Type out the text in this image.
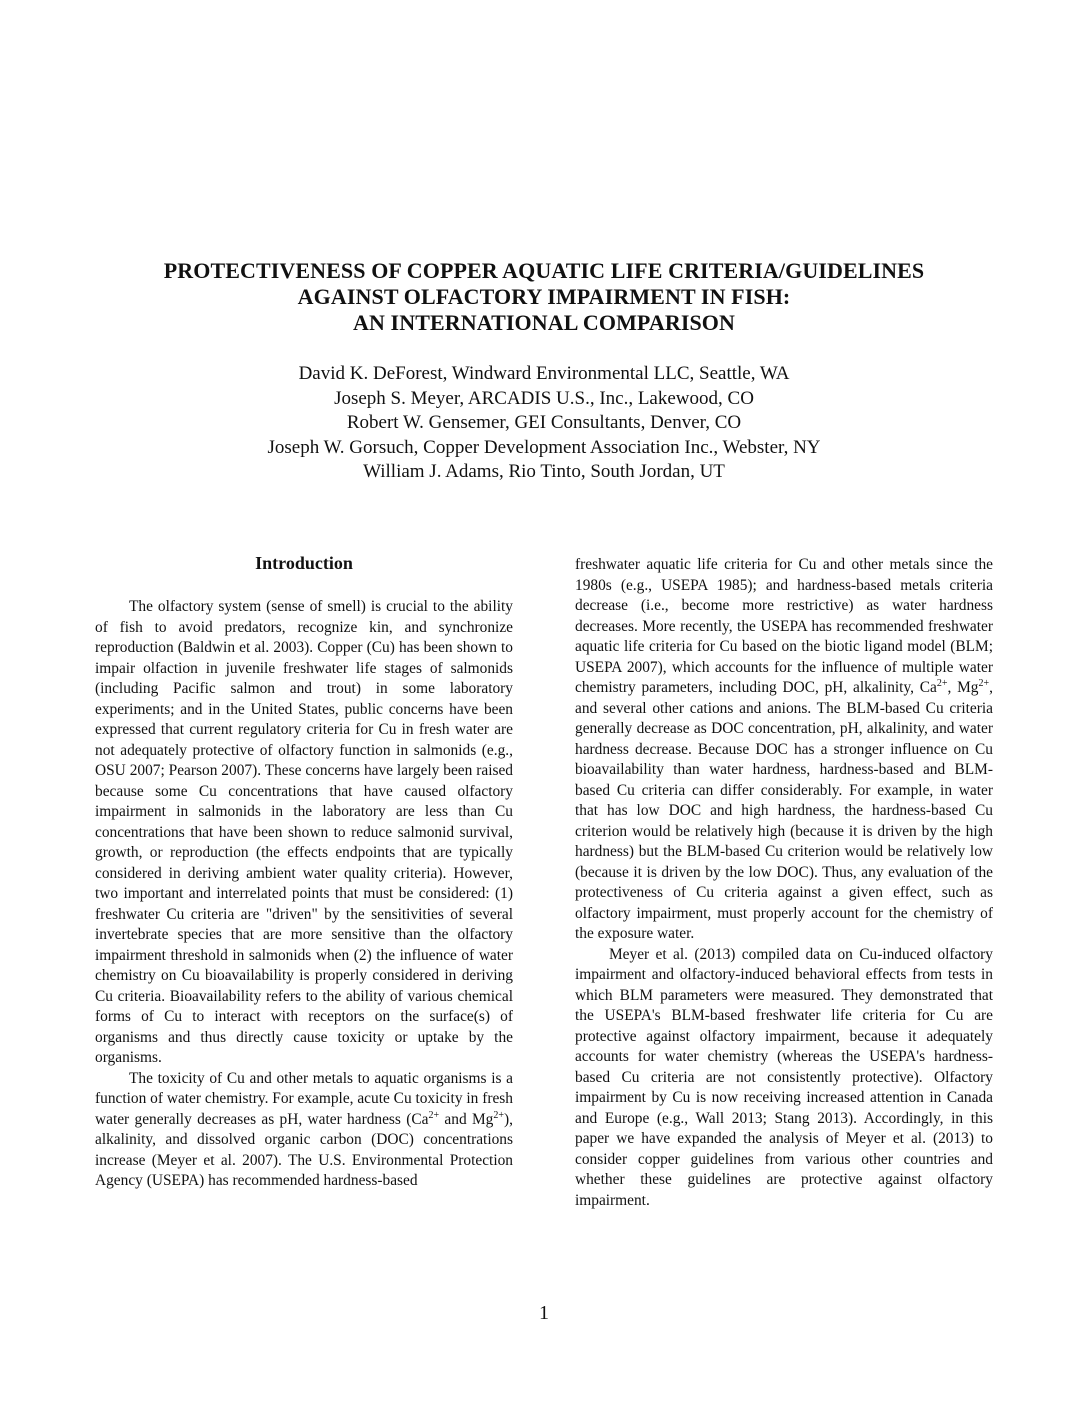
PROTECTIVENESS OF COPPER AQUATIC LIFE CRITERIA/GUIDELINES
AGAINST OLFACTORY IMPAIRMENT IN FISH:
AN INTERNATIONAL COMPARISON
David K. DeForest, Windward Environmental LLC, Seattle, WA
Joseph S. Meyer, ARCADIS U.S., Inc., Lakewood, CO
Robert W. Gensemer, GEI Consultants, Denver, CO
Joseph W. Gorsuch, Copper Development Association Inc., Webster, NY
William J. Adams, Rio Tinto, South Jordan, UT
Introduction

The olfactory system (sense of smell) is crucial to the ability of fish to avoid predators, recognize kin, and synchronize reproduction (Baldwin et al. 2003). Copper (Cu) has been shown to impair olfaction in juvenile freshwater life stages of salmonids (including Pacific salmon and trout) in some laboratory experiments; and in the United States, public concerns have been expressed that current regulatory criteria for Cu in fresh water are not adequately protective of olfactory function in salmonids (e.g., OSU 2007; Pearson 2007). These concerns have largely been raised because some Cu concentrations that have caused olfactory impairment in salmonids in the laboratory are less than Cu concentrations that have been shown to reduce salmonid survival, growth, or reproduction (the effects endpoints that are typically considered in deriving ambient water quality criteria). However, two important and interrelated points that must be considered: (1) freshwater Cu criteria are "driven" by the sensitivities of several invertebrate species that are more sensitive than the olfactory impairment threshold in salmonids when (2) the influence of water chemistry on Cu bioavailability is properly considered in deriving Cu criteria. Bioavailability refers to the ability of various chemical forms of Cu to interact with receptors on the surface(s) of organisms and thus directly cause toxicity or uptake by the organisms.

The toxicity of Cu and other metals to aquatic organisms is a function of water chemistry. For example, acute Cu toxicity in fresh water generally decreases as pH, water hardness ($Ca^{2+}$ and $Mg^{2+}$), alkalinity, and dissolved organic carbon (DOC) concentrations increase (Meyer et al. 2007). The U.S. Environmental Protection Agency (USEPA) has recommended hardness-based

freshwater aquatic life criteria for Cu and other metals since the 1980s (e.g., USEPA 1985); and hardness-based metals criteria decrease (i.e., become more restrictive) as water hardness decreases. More recently, the USEPA has recommended freshwater aquatic life criteria for Cu based on the biotic ligand model (BLM; USEPA 2007), which accounts for the influence of multiple water chemistry parameters, including DOC, pH, alkalinity, $Ca^{2+}$, $Mg^{2+}$, and several other cations and anions. The BLM-based Cu criteria generally decrease as DOC concentration, pH, alkalinity, and water hardness decrease. Because DOC has a stronger influence on Cu bioavailability than water hardness, hardness-based and BLM-based Cu criteria can differ considerably. For example, in water that has low DOC and high hardness, the hardness-based Cu criterion would be relatively high (because it is driven by the high hardness) but the BLM-based Cu criterion would be relatively low (because it is driven by the low DOC). Thus, any evaluation of the protectiveness of Cu criteria against a given effect, such as olfactory impairment, must properly account for the chemistry of the exposure water.

Meyer et al. (2013) compiled data on Cu-induced olfactory impairment and olfactory-induced behavioral effects from tests in which BLM parameters were measured. They demonstrated that the USEPA's BLM-based freshwater life criteria for Cu are protective against olfactory impairment, because it adequately accounts for water chemistry (whereas the USEPA's hardness-based Cu criteria are not consistently protective). Olfactory impairment by Cu is now receiving increased attention in Canada and Europe (e.g., Wall 2013; Stang 2013). Accordingly, in this paper we have expanded the analysis of Meyer et al. (2013) to consider copper guidelines from various other countries and whether these guidelines are protective against olfactory impairment.

1
